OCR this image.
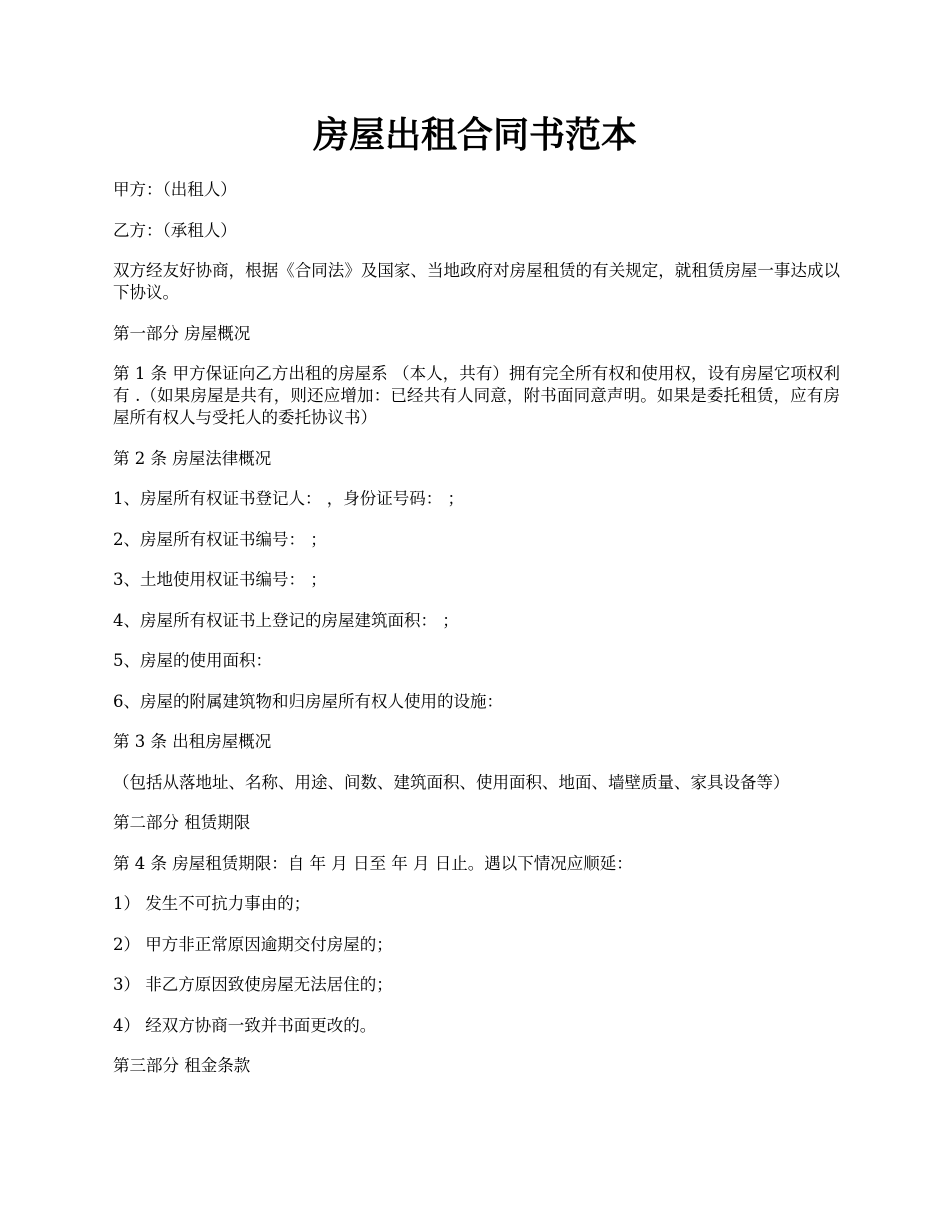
房屋出租合同书范本

甲方：（出租人）

乙方：（承租人）

双方经友好协商，根据《合同法》及国家、当地政府对房屋租赁的有关规定，就租赁房屋一事达成以下协议。

第一部分 房屋概况

第 1 条 甲方保证向乙方出租的房屋系 （本人，共有）拥有完全所有权和使用权，设有房屋它项权利有 .（如果房屋是共有，则还应增加：已经共有人同意，附书面同意声明。如果是委托租赁，应有房屋所有权人与受托人的委托协议书）

第 2 条 房屋法律概况

1、房屋所有权证书登记人： ，身份证号码： ；

2、房屋所有权证书编号： ；

3、土地使用权证书编号： ；

4、房屋所有权证书上登记的房屋建筑面积： ；

5、房屋的使用面积：

6、房屋的附属建筑物和归房屋所有权人使用的设施：

第 3 条 出租房屋概况

（包括从落地址、名称、用途、间数、建筑面积、使用面积、地面、墙壁质量、家具设备等）

第二部分 租赁期限

第 4 条 房屋租赁期限：自 年 月 日至 年 月 日止。遇以下情况应顺延：

1） 发生不可抗力事由的；

2） 甲方非正常原因逾期交付房屋的；

3） 非乙方原因致使房屋无法居住的；

4） 经双方协商一致并书面更改的。

第三部分 租金条款
